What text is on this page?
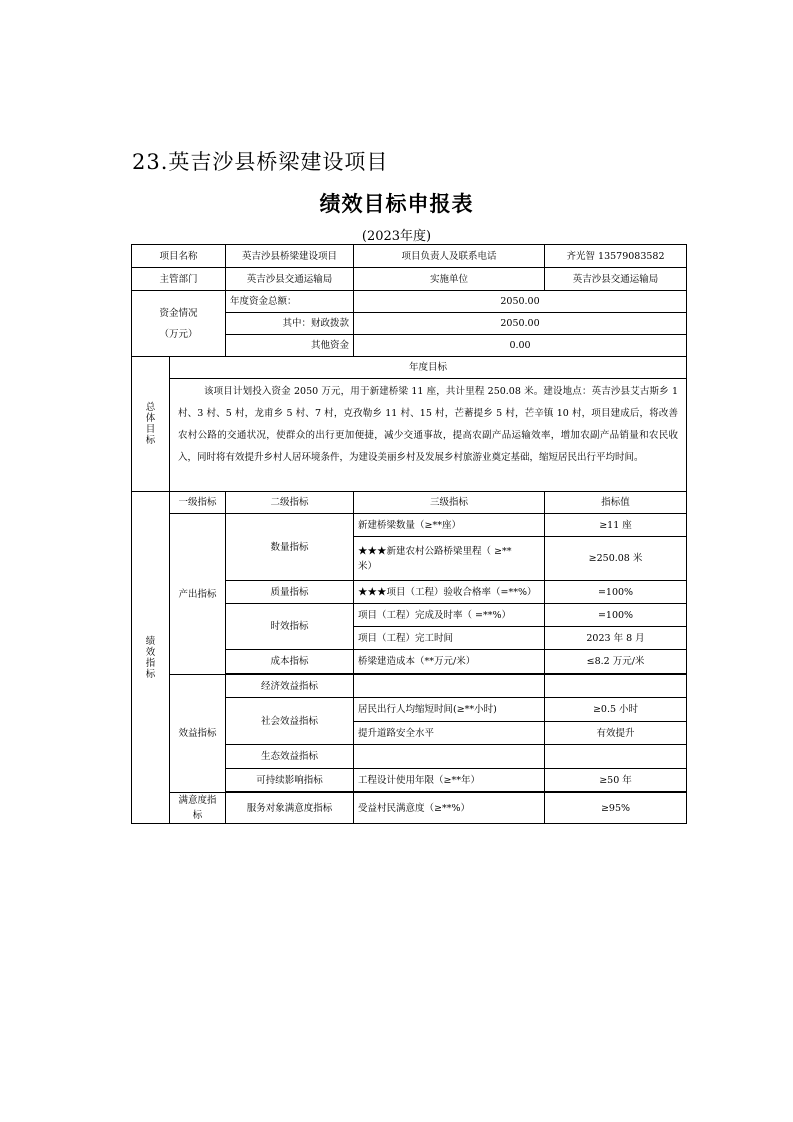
23.英吉沙县桥梁建设项目
绩效目标申报表
(2023年度)
项目名称		英吉沙县桥梁建设项目	项目负责人及联系电话	齐光智 13579083582
主管部门		英吉沙县交通运输局	实施单位	英吉沙县交通运输局

资金情况
（万元）		年度资金总额：	2050.00	
		其中：财政拨款	2050.00	
		其他资金	0.00	

总
体
目
标	年度目标			
	该项目计划投入资金 2050 万元，用于新建桥梁 11 座，共计里程 250.08 米。建设地点：英吉沙县艾古斯乡 1 村、3 村、5 村，龙甫乡 5 村、7 村，克孜勒乡 11 村、15 村，芒蓄提乡 5 村，芒辛镇 10 村，项目建成后，将改善农村公路的交通状况，使群众的出行更加便捷，减少交通事故，提高农副产品运输效率，增加农副产品销量和农民收入，同时将有效提升乡村人居环境条件，为建设美丽乡村及发展乡村旅游业奠定基础，缩短居民出行平均时间。			

绩
效
指
标	一级指标	二级指标	三级指标	指标值
	产出指标	数量指标	新建桥梁数量（≥**座）	≥11 座

			★★★新建农村公路桥梁里程（ ≥**
米）	≥250.08 米
		质量指标	★★★项目（工程）验收合格率（=**%）	=100%
		时效指标	项目（工程）完成及时率（ =**%）	=100%
			项目（工程）完工时间	2023 年 8 月
		成本指标	桥梁建造成本（**万元/米）	≤8.2 万元/米

	效益指标	经济效益指标		
		社会效益指标	居民出行人均缩短时间(≥**小时)	≥0.5 小时
			提升道路安全水平	有效提升
		生态效益指标		
		可持续影响指标	工程设计使用年限（≥**年）	≥50 年

	满意度指标	服务对象满意度指标	受益村民满意度（≥**%）	≥95%
